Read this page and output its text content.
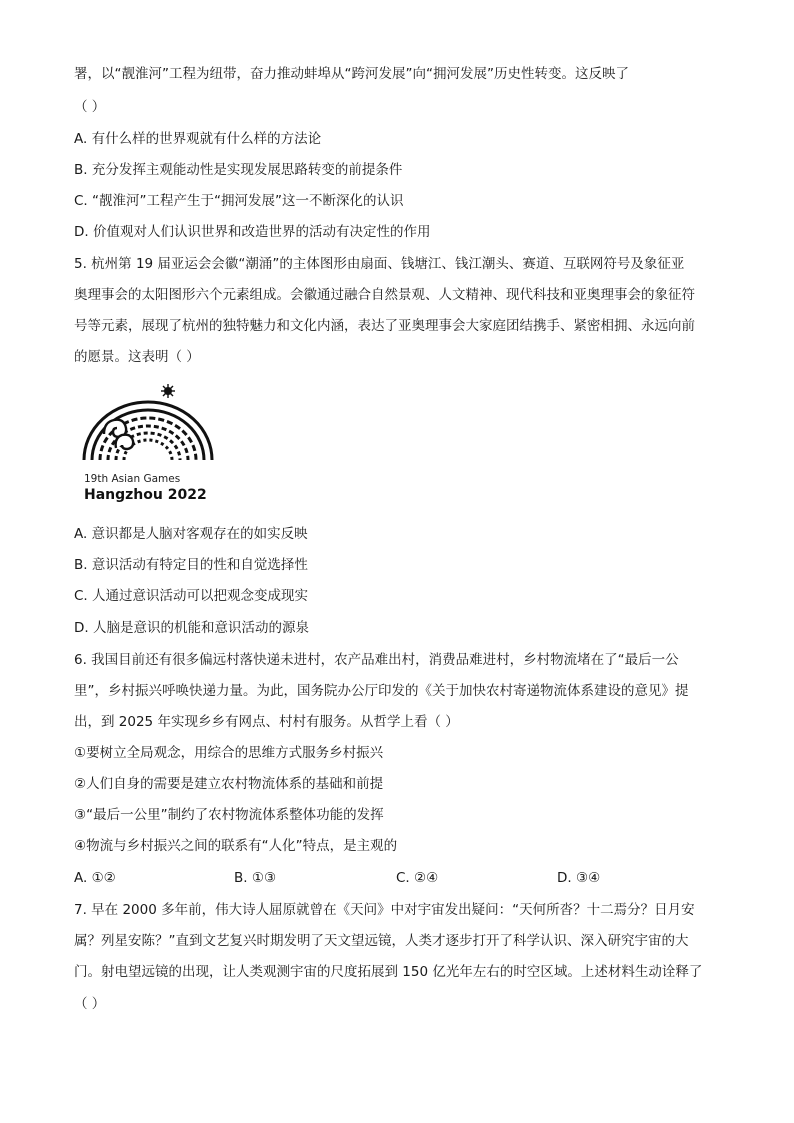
署，以“靓淮河”工程为纽带，奋力推动蚌埠从“跨河发展”向“拥河发展”历史性转变。这反映了
（ ）
A. 有什么样的世界观就有什么样的方法论
B. 充分发挥主观能动性是实现发展思路转变的前提条件
C. “靓淮河”工程产生于“拥河发展”这一不断深化的认识
D. 价值观对人们认识世界和改造世界的活动有决定性的作用
5. 杭州第 19 届亚运会会徽“潮涌”的主体图形由扇面、钱塘江、钱江潮头、赛道、互联网符号及象征亚
奥理事会的太阳图形六个元素组成。会徽通过融合自然景观、人文精神、现代科技和亚奥理事会的象征符
号等元素，展现了杭州的独特魅力和文化内涵，表达了亚奥理事会大家庭团结携手、紧密相拥、永远向前
的愿景。这表明（ ）
19th Asian Games
Hangzhou 2022
A. 意识都是人脑对客观存在的如实反映
B. 意识活动有特定目的性和自觉选择性
C. 人通过意识活动可以把观念变成现实
D. 人脑是意识的机能和意识活动的源泉
6. 我国目前还有很多偏远村落快递未进村，农产品难出村，消费品难进村，乡村物流堵在了“最后一公
里”，乡村振兴呼唤快递力量。为此，国务院办公厅印发的《关于加快农村寄递物流体系建设的意见》提
出，到 2025 年实现乡乡有网点、村村有服务。从哲学上看（ ）
①要树立全局观念，用综合的思维方式服务乡村振兴
②人们自身的需要是建立农村物流体系的基础和前提
③“最后一公里”制约了农村物流体系整体功能的发挥
④物流与乡村振兴之间的联系有“人化”特点，是主观的
A. ①②	B. ①③	C. ②④	D. ③④
7. 早在 2000 多年前，伟大诗人屈原就曾在《天问》中对宇宙发出疑问：“天何所沓？十二焉分？日月安
属？列星安陈？”直到文艺复兴时期发明了天文望远镜，人类才逐步打开了科学认识、深入研究宇宙的大
门。射电望远镜的出现，让人类观测宇宙的尺度拓展到 150 亿光年左右的时空区域。上述材料生动诠释了
（ ）
